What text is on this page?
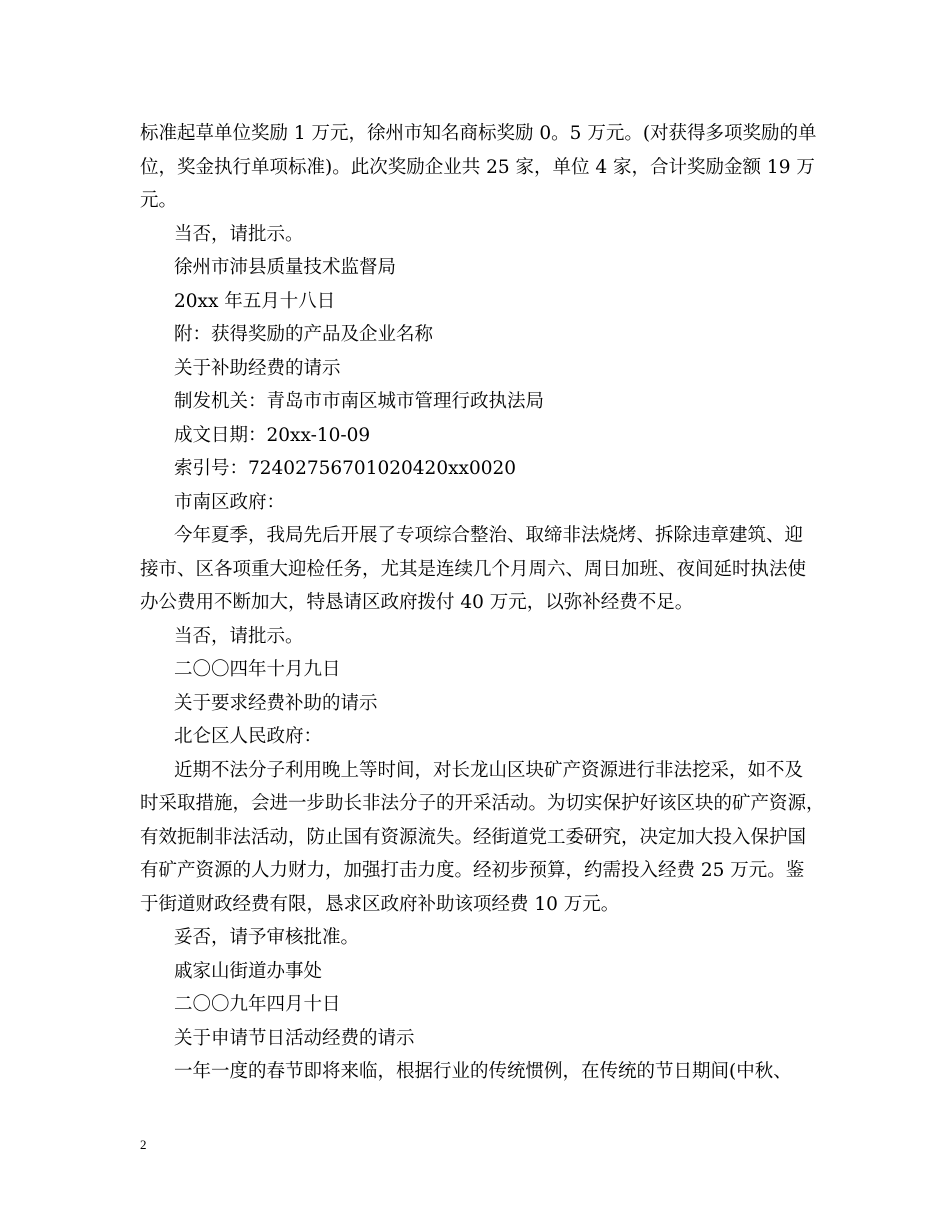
标准起草单位奖励 1 万元，徐州市知名商标奖励 0。5 万元。(对获得多项奖励的单
位，奖金执行单项标准)。此次奖励企业共 25 家，单位 4 家，合计奖励金额 19 万
元。
当否，请批示。
徐州市沛县质量技术监督局
20xx 年五月十八日
附：获得奖励的产品及企业名称
关于补助经费的请示
制发机关：青岛市市南区城市管理行政执法局
成文日期：20xx-10-09
索引号：72402756701020420xx0020
市南区政府：
今年夏季，我局先后开展了专项综合整治、取缔非法烧烤、拆除违章建筑、迎
接市、区各项重大迎检任务，尤其是连续几个月周六、周日加班、夜间延时执法使
办公费用不断加大，特恳请区政府拨付 40 万元，以弥补经费不足。
当否，请批示。
二〇〇四年十月九日
关于要求经费补助的请示
北仑区人民政府：
近期不法分子利用晚上等时间，对长龙山区块矿产资源进行非法挖采，如不及
时采取措施，会进一步助长非法分子的开采活动。为切实保护好该区块的矿产资源，
有效扼制非法活动，防止国有资源流失。经街道党工委研究，决定加大投入保护国
有矿产资源的人力财力，加强打击力度。经初步预算，约需投入经费 25 万元。鉴
于街道财政经费有限，恳求区政府补助该项经费 10 万元。
妥否，请予审核批准。
戚家山街道办事处
二〇〇九年四月十日
关于申请节日活动经费的请示
一年一度的春节即将来临，根据行业的传统惯例，在传统的节日期间(中秋、
2
